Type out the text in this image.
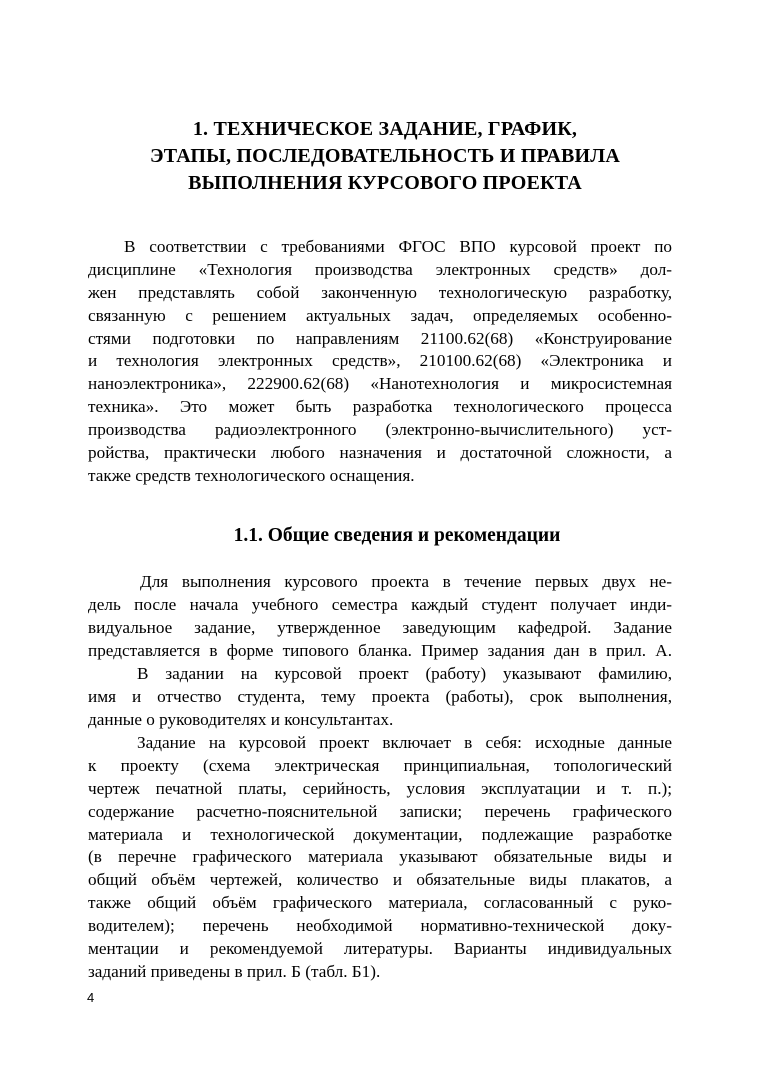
1. ТЕХНИЧЕСКОЕ ЗАДАНИЕ, ГРАФИК,
ЭТАПЫ, ПОСЛЕДОВАТЕЛЬНОСТЬ И ПРАВИЛА
ВЫПОЛНЕНИЯ КУРСОВОГО ПРОЕКТА
В соответствии с требованиями ФГОС ВПО курсовой проект по
дисциплине «Технология производства электронных средств» дол-
жен представлять собой законченную технологическую разработку,
связанную с решением актуальных задач, определяемых особенно-
стями подготовки по направлениям 21100.62(68) «Конструирование
и технология электронных средств», 210100.62(68) «Электроника и
наноэлектроника», 222900.62(68) «Нанотехнология и микросистемная
техника». Это может быть разработка технологического процесса
производства радиоэлектронного (электронно-вычислительного) уст-
ройства, практически любого назначения и достаточной сложности, а
также средств технологического оснащения.
1.1. Общие сведения и рекомендации
Для выполнения курсового проекта в течение первых двух не-
дель после начала учебного семестра каждый студент получает инди-
видуальное задание, утвержденное заведующим кафедрой. Задание
представляется в форме типового бланка. Пример задания дан в прил. А.
В задании на курсовой проект (работу) указывают фамилию,
имя и отчество студента, тему проекта (работы), срок выполнения,
данные о руководителях и консультантах.
Задание на курсовой проект включает в себя: исходные данные
к проекту (схема электрическая принципиальная, топологический
чертеж печатной платы, серийность, условия эксплуатации и т. п.);
содержание расчетно-пояснительной записки; перечень графического
материала и технологической документации, подлежащие разработке
(в перечне графического материала указывают обязательные виды и
общий объём чертежей, количество и обязательные виды плакатов, а
также общий объём графического материала, согласованный с руко-
водителем); перечень необходимой нормативно-технической доку-
ментации и рекомендуемой литературы. Варианты индивидуальных
заданий приведены в прил. Б (табл. Б1).
4
